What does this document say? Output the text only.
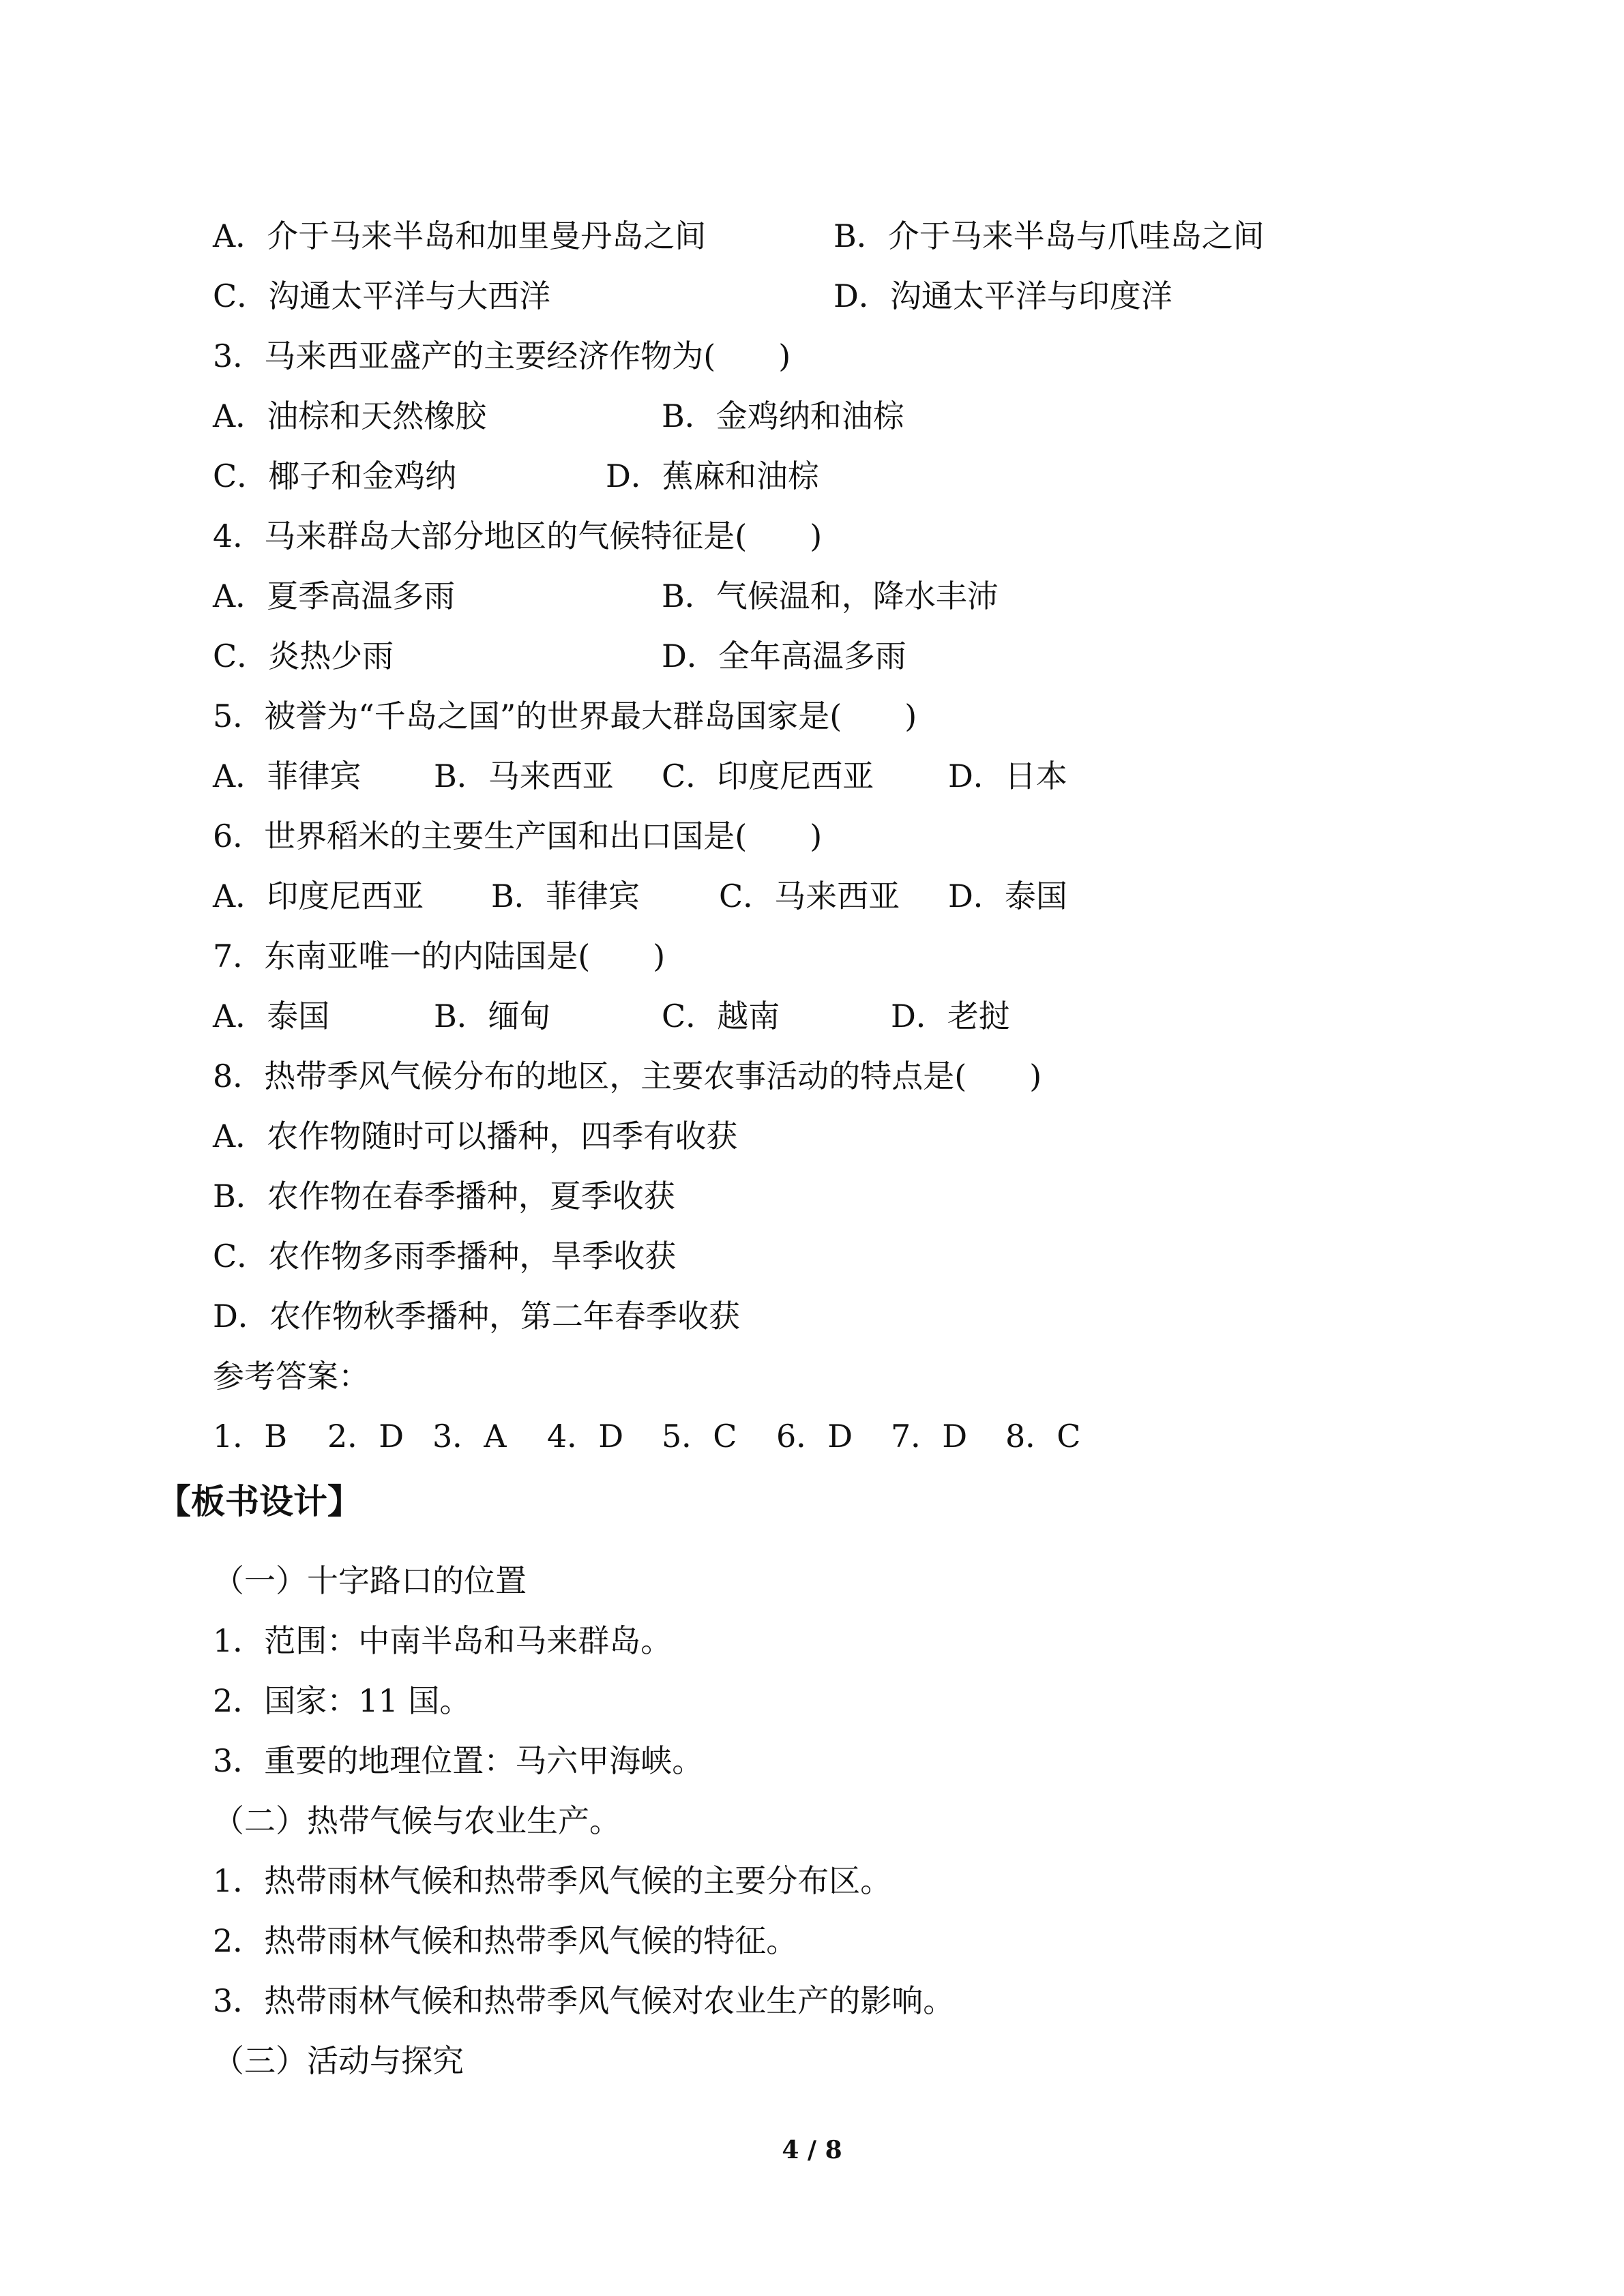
A．介于马来半岛和加里曼丹岛之间	B．介于马来半岛与爪哇岛之间
C．沟通太平洋与大西洋	D．沟通太平洋与印度洋
3．马来西亚盛产的主要经济作物为(　　)
A．油棕和天然橡胶	B．金鸡纳和油棕
C．椰子和金鸡纳	D．蕉麻和油棕
4．马来群岛大部分地区的气候特征是(　　)
A．夏季高温多雨	B．气候温和，降水丰沛
C．炎热少雨	D．全年高温多雨
5．被誉为“千岛之国”的世界最大群岛国家是(　　)
A．菲律宾 B．马来西亚 C．印度尼西亚 D．日本
6．世界稻米的主要生产国和出口国是(　　)
A．印度尼西亚 B．菲律宾	C．马来西亚 D．泰国
7．东南亚唯一的内陆国是(　　)
A．泰国	B．缅甸	C．越南	D．老挝
8．热带季风气候分布的地区，主要农事活动的特点是(　　)
A．农作物随时可以播种，四季有收获
B．农作物在春季播种，夏季收获
C．农作物多雨季播种，旱季收获
D．农作物秋季播种，第二年春季收获
参考答案：
1．B 2．D 3．A 4．D 5．C 6．D 7．D 8．C
【板书设计】
（一）十字路口的位置
1．范围：中南半岛和马来群岛。
2．国家：11 国。
3．重要的地理位置：马六甲海峡。
（二）热带气候与农业生产。
1．热带雨林气候和热带季风气候的主要分布区。
2．热带雨林气候和热带季风气候的特征。
3．热带雨林气候和热带季风气候对农业生产的影响。
（三）活动与探究
4 / 8
